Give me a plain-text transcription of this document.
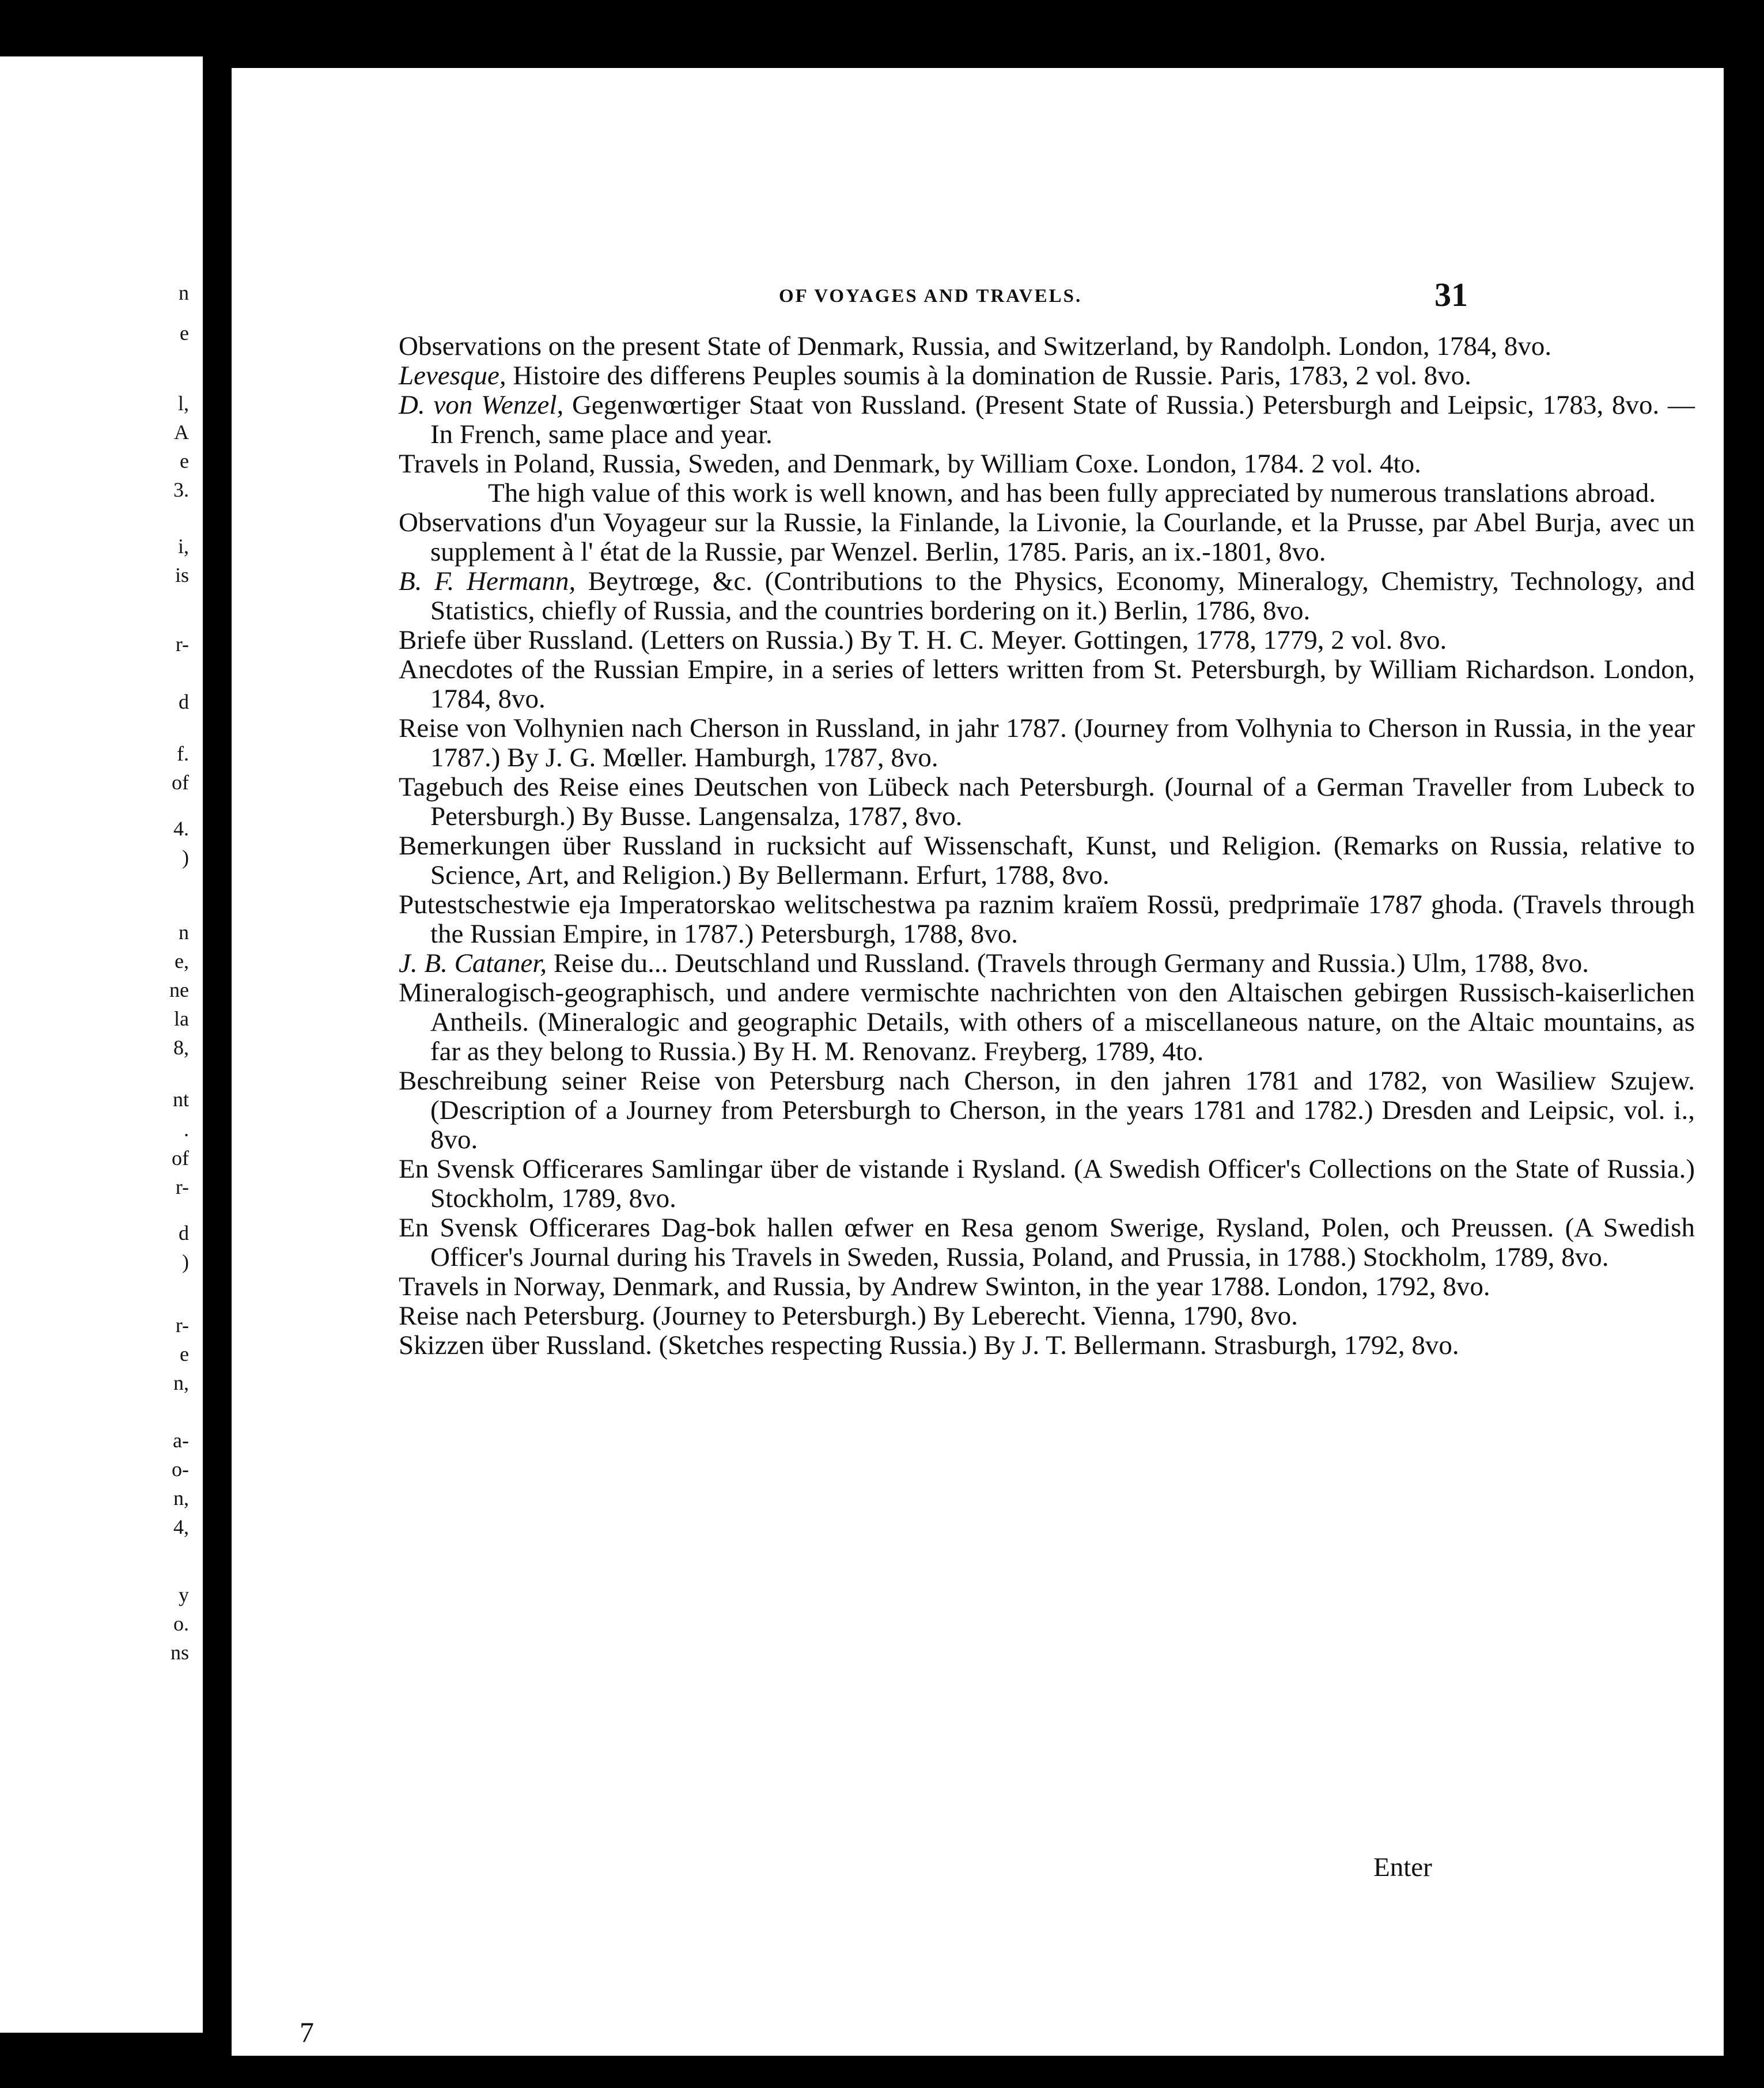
n
e
l,
A
e
3.
i,
is
r-
d
f.
of
4.
)
n
e,
ne
la
8,
nt
.
of
r-
d
)
r-
e
n,
a-
o-
n,
4,
y
o.
ns
OF VOYAGES AND TRAVELS.	31
Observations on the present State of Denmark, Russia, and Switzerland, by Randolph. London, 1784, 8vo.
Levesque, Histoire des differens Peuples soumis à la domination de Russie. Paris, 1783, 2 vol. 8vo.
D. von Wenzel, Gegenwœrtiger Staat von Russland. (Present State of Russia.) Petersburgh and Leipsic, 1783, 8vo. — In French, same place and year.
Travels in Poland, Russia, Sweden, and Denmark, by William Coxe. London, 1784. 2 vol. 4to.
The high value of this work is well known, and has been fully appreciated by numerous translations abroad.
Observations d'un Voyageur sur la Russie, la Finlande, la Livonie, la Courlande, et la Prusse, par Abel Burja, avec un supplement à l' état de la Russie, par Wenzel. Berlin, 1785. Paris, an ix.-1801, 8vo.
B. F. Hermann, Beytrœge, &c. (Contributions to the Physics, Economy, Mineralogy, Chemistry, Technology, and Statistics, chiefly of Russia, and the countries bordering on it.) Berlin, 1786, 8vo.
Briefe über Russland. (Letters on Russia.) By T. H. C. Meyer. Gottingen, 1778, 1779, 2 vol. 8vo.
Anecdotes of the Russian Empire, in a series of letters written from St. Petersburgh, by William Richardson. London, 1784, 8vo.
Reise von Volhynien nach Cherson in Russland, in jahr 1787. (Journey from Volhynia to Cherson in Russia, in the year 1787.) By J. G. Mœller. Hamburgh, 1787, 8vo.
Tagebuch des Reise eines Deutschen von Lübeck nach Petersburgh. (Journal of a German Traveller from Lubeck to Petersburgh.) By Busse. Langensalza, 1787, 8vo.
Bemerkungen über Russland in rucksicht auf Wissenschaft, Kunst, und Religion. (Remarks on Russia, relative to Science, Art, and Religion.) By Bellermann. Erfurt, 1788, 8vo.
Putestschestwie eja Imperatorskao welitschestwa pa raznim kraïem Rossü, predprimaïe 1787 ghoda. (Travels through the Russian Empire, in 1787.) Petersburgh, 1788, 8vo.
J. B. Cataner, Reise du... Deutschland und Russland. (Travels through Germany and Russia.) Ulm, 1788, 8vo.
Mineralogisch-geographisch, und andere vermischte nachrichten von den Altaischen gebirgen Russisch-kaiserlichen Antheils. (Mineralogic and geographic Details, with others of a miscellaneous nature, on the Altaic mountains, as far as they belong to Russia.) By H. M. Renovanz. Freyberg, 1789, 4to.
Beschreibung seiner Reise von Petersburg nach Cherson, in den jahren 1781 and 1782, von Wasiliew Szujew. (Description of a Journey from Petersburgh to Cherson, in the years 1781 and 1782.) Dresden and Leipsic, vol. i., 8vo.
En Svensk Officerares Samlingar über de vistande i Rysland. (A Swedish Officer's Collections on the State of Russia.) Stockholm, 1789, 8vo.
En Svensk Officerares Dag-bok hallen œfwer en Resa genom Swerige, Rysland, Polen, och Preussen. (A Swedish Officer's Journal during his Travels in Sweden, Russia, Poland, and Prussia, in 1788.) Stockholm, 1789, 8vo.
Travels in Norway, Denmark, and Russia, by Andrew Swinton, in the year 1788. London, 1792, 8vo.
Reise nach Petersburg. (Journey to Petersburgh.) By Leberecht. Vienna, 1790, 8vo.
Skizzen über Russland. (Sketches respecting Russia.) By J. T. Bellermann. Strasburgh, 1792, 8vo.
Enter
7
